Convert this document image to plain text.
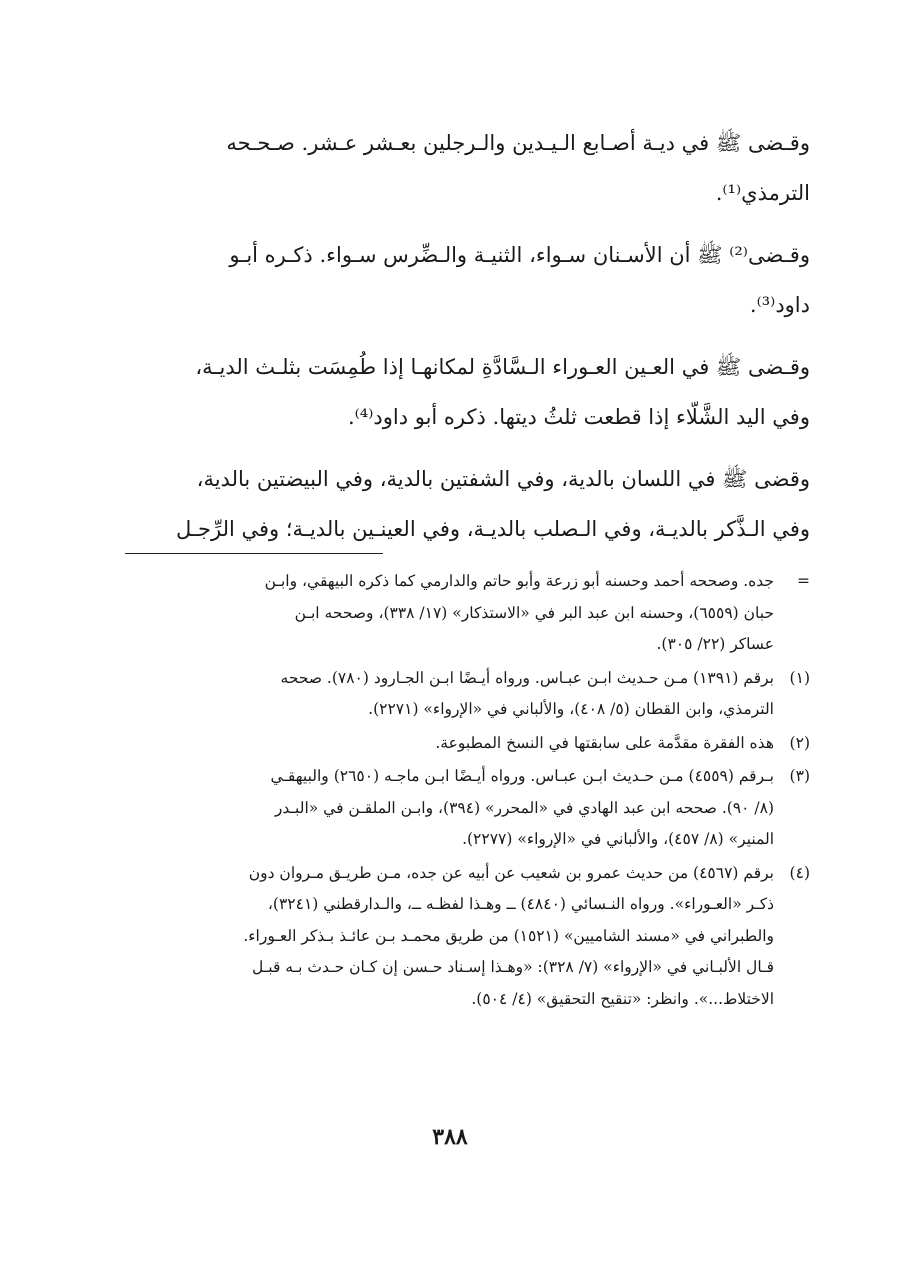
وقـضى ﷺ في ديـة أصـابع الـيـدين والـرجلين بعـشر عـشر. صـحـحه
الترمذي⁽¹⁾.

وقـضى⁽²⁾ ﷺ أن الأسـنان سـواء، الثنيـة والـضِّرس سـواء. ذكـره أبـو
داود⁽³⁾.

وقـضى ﷺ في العـين العـوراء الـسَّادَّةِ لمكانهـا إذا طُمِسَت بثلـث الديـة،
وفي اليد الشَّلّاء إذا قطعت ثلثُ ديتها. ذكره أبو داود⁽⁴⁾.

وقضى ﷺ في اللسان بالدية، وفي الشفتين بالدية، وفي البيضتين بالدية،
وفي الـذَّكر بالديـة، وفي الـصلب بالديـة، وفي العينـين بالديـة؛ وفي الرِّجـل

=
جده. وصححه أحمد وحسنه أبو زرعة وأبو حاتم والدارمي كما ذكره البيهقي، وابـن
حبان (٦٥٥٩)، وحسنه ابن عبد البر في «الاستذكار» (١٧/ ٣٣٨)، وصححه ابـن
عساكر (٢٢/ ٣٠٥).
(١)
برقم (١٣٩١) مـن حـديث ابـن عبـاس. ورواه أيـضًا ابـن الجـارود (٧٨٠). صححه
الترمذي، وابن القطان (٥/ ٤٠٨)، والألباني في «الإرواء» (٢٢٧١).
(٢)
هذه الفقرة مقدَّمة على سابقتها في النسخ المطبوعة.
(٣)
بـرقم (٤٥٥٩) مـن حـديث ابـن عبـاس. ورواه أيـضًا ابـن ماجـه (٢٦٥٠) والبيهقـي
(٨/ ٩٠). صححه ابن عبد الهادي في «المحرر» (٣٩٤)، وابـن الملقـن في «البـدر
المنير» (٨/ ٤٥٧)، والألباني في «الإرواء» (٢٢٧٧).
(٤)
برقم (٤٥٦٧) من حديث عمرو بن شعيب عن أبيه عن جده، مـن طريـق مـروان دون
ذكـر «العـوراء». ورواه النـسائي (٤٨٤٠) ــ وهـذا لفظـه ــ، والـدارقطني (٣٢٤١)،
والطبراني في «مسند الشاميين» (١٥٢١) من طريق محمـد بـن عائـذ بـذكر العـوراء.
قـال الألبـاني في «الإرواء» (٧/ ٣٢٨): «وهـذا إسـناد حـسن إن كـان حـدث بـه قبـل
الاختلاط...». وانظر: «تنقيح التحقيق» (٤/ ٥٠٤).
٣٨٨
